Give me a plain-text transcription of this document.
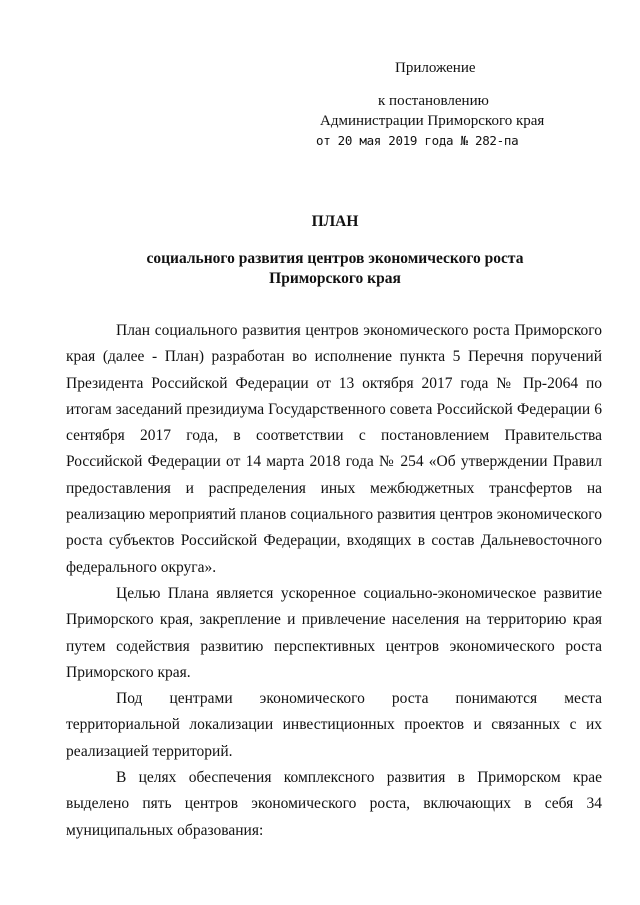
Приложение
к постановлению
Администрации Приморского края
от 20 мая 2019 года № 282-па
ПЛАН
социального развития центров экономического роста
Приморского края

План социального развития центров экономического роста Приморского края (далее - План) разработан во исполнение пункта 5 Перечня поручений Президента Российской Федерации от 13 октября 2017 года № Пр-2064 по итогам заседаний президиума Государственного совета Российской Федерации 6 сентября 2017 года, в соответствии с постановлением Правительства Российской Федерации от 14 марта 2018 года № 254 «Об утверждении Правил предоставления и распределения иных межбюджетных трансфертов на реализацию мероприятий планов социального развития центров экономического роста субъектов Российской Федерации, входящих в состав Дальневосточного федерального округа».

Целью Плана является ускоренное социально-экономическое развитие Приморского края, закрепление и привлечение населения на территорию края путем содействия развитию перспективных центров экономического роста Приморского края.

Под центрами экономического роста понимаются места территориальной локализации инвестиционных проектов и связанных с их реализацией территорий.

В целях обеспечения комплексного развития в Приморском крае выделено пять центров экономического роста, включающих в себя 34 муниципальных образования:
